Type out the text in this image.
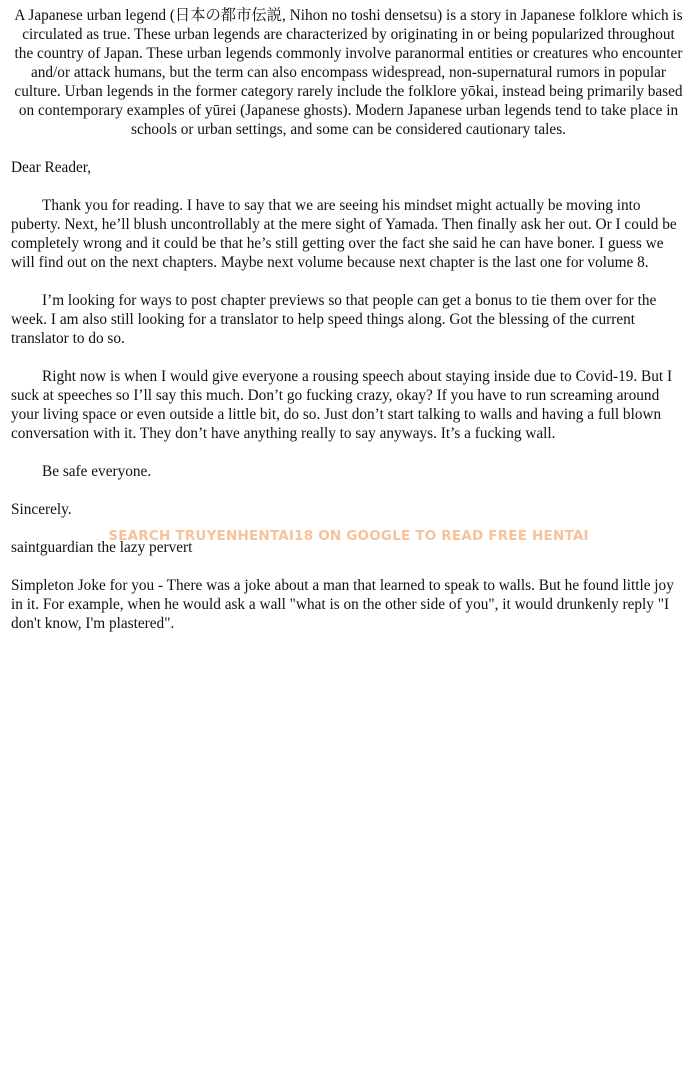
A Japanese urban legend (日本の都市伝説, Nihon no toshi densetsu) is a story in Japanese folklore which is circulated as true. These urban legends are characterized by originating in or being popularized throughout the country of Japan. These urban legends commonly involve paranormal entities or creatures who encounter and/or attack humans, but the term can also encompass widespread, non-supernatural rumors in popular culture. Urban legends in the former category rarely include the folklore yōkai, instead being primarily based on contemporary examples of yūrei (Japanese ghosts). Modern Japanese urban legends tend to take place in schools or urban settings, and some can be considered cautionary tales.

Dear Reader,

Thank you for reading. I have to say that we are seeing his mindset might actually be moving into puberty. Next, he’ll blush uncontrollably at the mere sight of Yamada. Then finally ask her out. Or I could be completely wrong and it could be that he’s still getting over the fact she said he can have boner. I guess we will find out on the next chapters. Maybe next volume because next chapter is the last one for volume 8.

I’m looking for ways to post chapter previews so that people can get a bonus to tie them over for the week. I am also still looking for a translator to help speed things along. Got the blessing of the current translator to do so.

Right now is when I would give everyone a rousing speech about staying inside due to Covid-19. But I suck at speeches so I’ll say this much. Don’t go fucking crazy, okay? If you have to run screaming around your living space or even outside a little bit, do so. Just don’t start talking to walls and having a full blown conversation with it. They don’t have anything really to say anyways. It’s a fucking wall.

Be safe everyone.

Sincerely.

saintguardian the lazy pervert

Simpleton Joke for you - There was a joke about a man that learned to speak to walls. But he found little joy in it. For example, when he would ask a wall "what is on the other side of you", it would drunkenly reply "I don't know, I'm plastered".

SEARCH TRUYENHENTAI18 ON GOOGLE TO READ FREE HENTAI
